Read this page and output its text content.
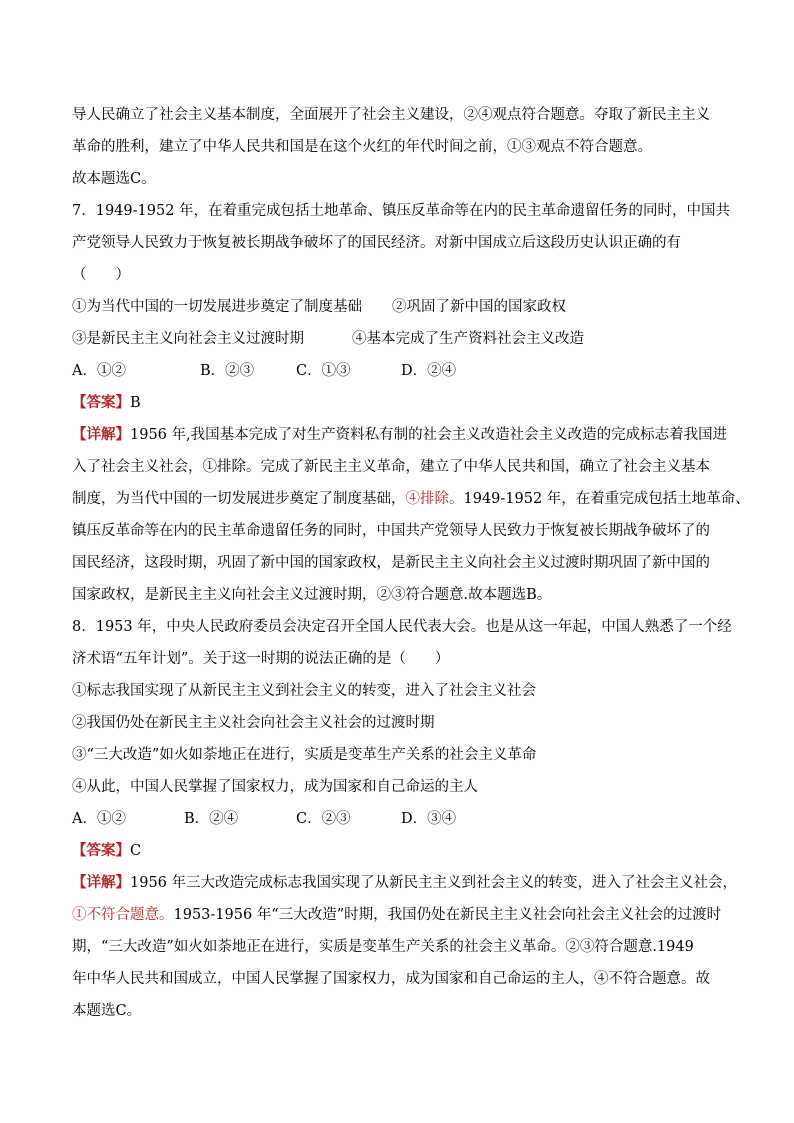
导人民确立了社会主义基本制度，全面展开了社会主义建设，②④观点符合题意。夺取了新民主主义
革命的胜利，建立了中华人民共和国是在这个火红的年代时间之前，①③观点不符合题意。
故本题选C。
7．1949-1952 年，在着重完成包括土地革命、镇压反革命等在内的民主革命遗留任务的同时，中国共
产党领导人民致力于恢复被长期战争破坏了的国民经济。对新中国成立后这段历史认识正确的有
（　　）
①为当代中国的一切发展进步奠定了制度基础 ②巩固了新中国的国家政权
③是新民主主义向社会主义过渡时期	④基本完成了生产资料社会主义改造
A．①②	B．②③	C．①③	D．②④
【答案】B
【详解】1956 年,我国基本完成了对生产资料私有制的社会主义改造社会主义改造的完成标志着我国进
入了社会主义社会，①排除。完成了新民主主义革命，建立了中华人民共和国，确立了社会主义基本
制度，为当代中国的一切发展进步奠定了制度基础，④排除。1949-1952 年，在着重完成包括土地革命、
镇压反革命等在内的民主革命遗留任务的同时，中国共产党领导人民致力于恢复被长期战争破坏了的
国民经济，这段时期，巩固了新中国的国家政权，是新民主主义向社会主义过渡时期巩固了新中国的
国家政权，是新民主主义向社会主义过渡时期，②③符合题意.故本题选B。
8．1953 年，中央人民政府委员会决定召开全国人民代表大会。也是从这一年起，中国人熟悉了一个经
济术语“五年计划”。关于这一时期的说法正确的是（　　）
①标志我国实现了从新民主主义到社会主义的转变，进入了社会主义社会
②我国仍处在新民主主义社会向社会主义社会的过渡时期
③“三大改造”如火如荼地正在进行，实质是变革生产关系的社会主义革命
④从此，中国人民掌握了国家权力，成为国家和自己命运的主人
A．①②	B．②④	C．②③	D．③④
【答案】C
【详解】1956 年三大改造完成标志我国实现了从新民主主义到社会主义的转变，进入了社会主义社会，
①不符合题意。1953-1956 年“三大改造”时期，我国仍处在新民主主义社会向社会主义社会的过渡时
期，“三大改造”如火如荼地正在进行，实质是变革生产关系的社会主义革命。②③符合题意.1949
年中华人民共和国成立，中国人民掌握了国家权力，成为国家和自己命运的主人，④不符合题意。故
本题选C。
